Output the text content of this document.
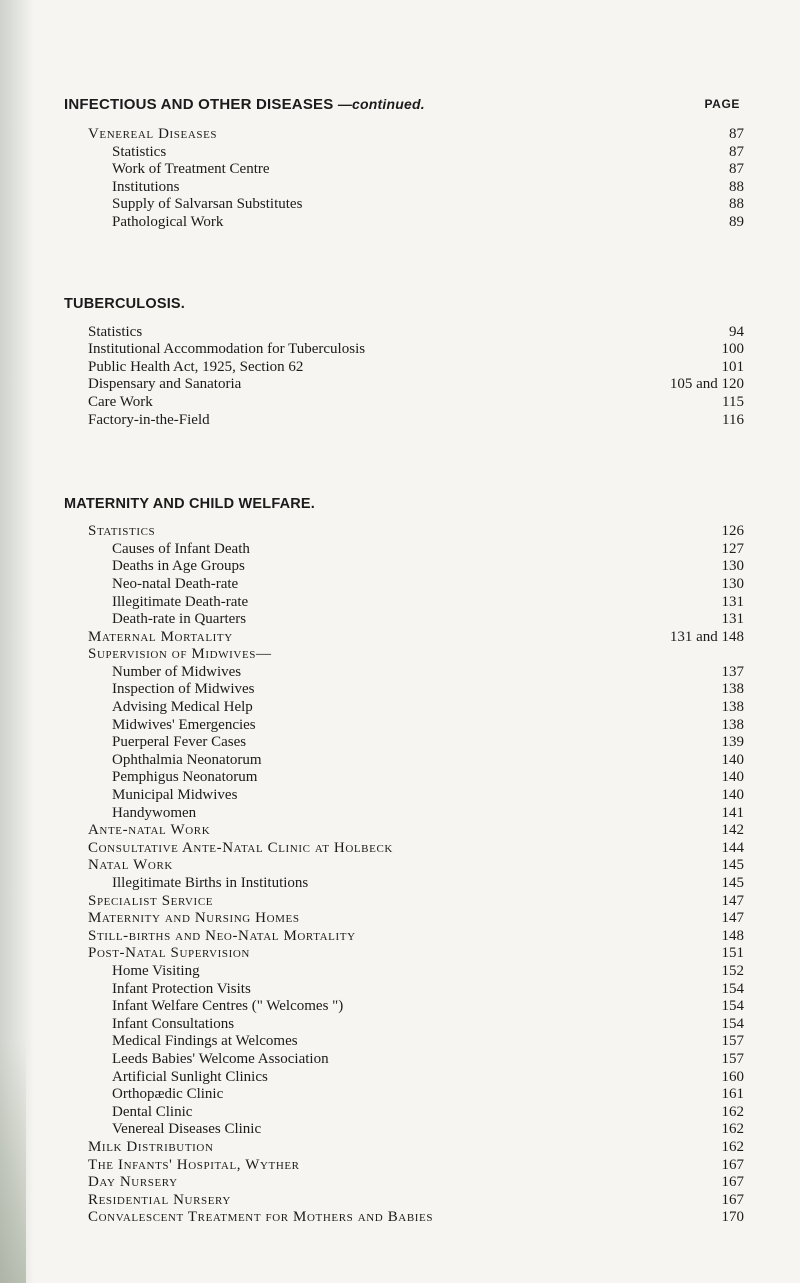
INFECTIOUS AND OTHER DISEASES —continued.	PAGE
Venereal Diseases	87
Statistics	87
Work of Treatment Centre	87
Institutions	88
Supply of Salvarsan Substitutes	88
Pathological Work	89
TUBERCULOSIS.
Statistics	94
Institutional Accommodation for Tuberculosis	100
Public Health Act, 1925, Section 62	101
Dispensary and Sanatoria	105 and 120
Care Work	115
Factory-in-the-Field	116
MATERNITY AND CHILD WELFARE.
Statistics	126
Causes of Infant Death	127
Deaths in Age Groups	130
Neo-natal Death-rate	130
Illegitimate Death-rate	131
Death-rate in Quarters	131
Maternal Mortality	131 and 148
Supervision of Midwives—
Number of Midwives	137
Inspection of Midwives	138
Advising Medical Help	138
Midwives' Emergencies	138
Puerperal Fever Cases	139
Ophthalmia Neonatorum	140
Pemphigus Neonatorum	140
Municipal Midwives	140
Handywomen	141
Ante-natal Work	142
Consultative Ante-Natal Clinic at Holbeck	144
Natal Work	145
Illegitimate Births in Institutions	145
Specialist Service	147
Maternity and Nursing Homes	147
Still-births and Neo-Natal Mortality	148
Post-Natal Supervision	151
Home Visiting	152
Infant Protection Visits	154
Infant Welfare Centres (" Welcomes ")	154
Infant Consultations	154
Medical Findings at Welcomes	157
Leeds Babies' Welcome Association	157
Artificial Sunlight Clinics	160
Orthopædic Clinic	161
Dental Clinic	162
Venereal Diseases Clinic	162
Milk Distribution	162
The Infants' Hospital, Wyther	167
Day Nursery	167
Residential Nursery	167
Convalescent Treatment for Mothers and Babies	170
